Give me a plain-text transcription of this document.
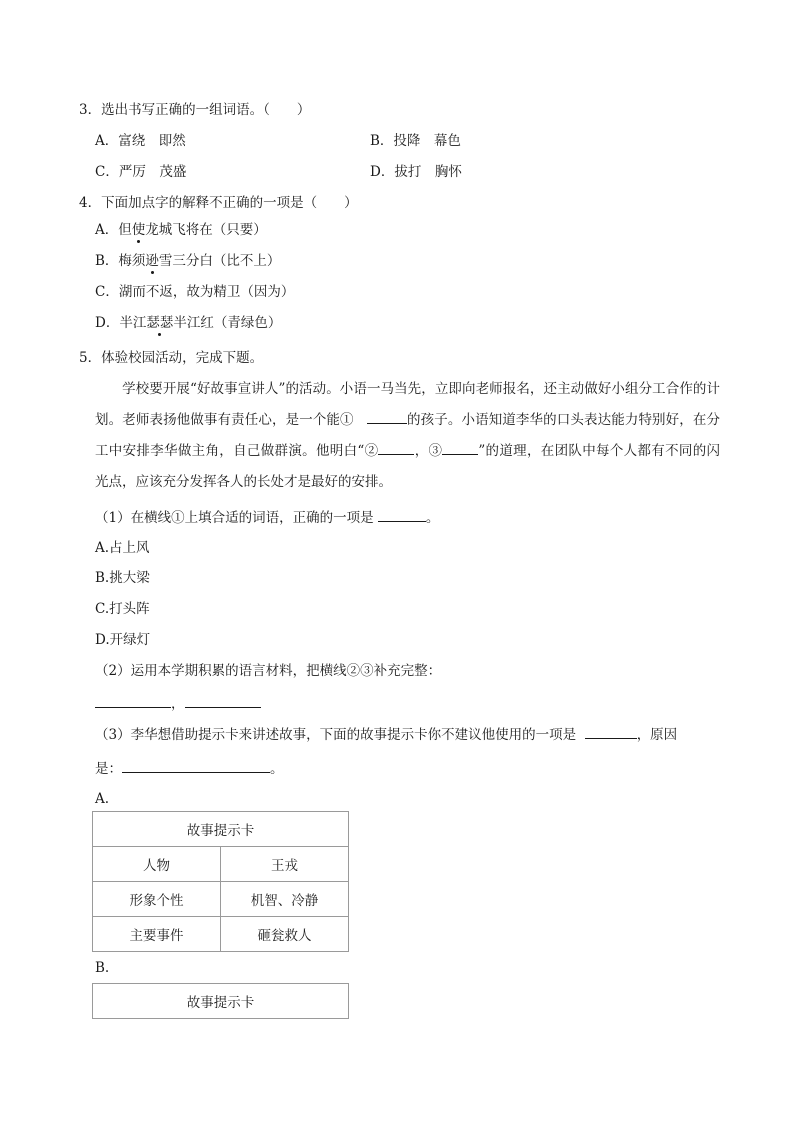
3．选出书写正确的一组词语。（　　）
A．富绕　即然	B．投降　幕色
C．严厉　茂盛	D．拔打　胸怀
4．下面加点字的解释不正确的一项是（　　）
A．但使龙城飞将在（只要）
B．梅须逊雪三分白（比不上）
C．湖而不返，故为精卫（因为）
D．半江瑟瑟半江红（青绿色）
5．体验校园活动，完成下题。
学校要开展“好故事宣讲人”的活动。小语一马当先，立即向老师报名，还主动做好小组分工合作的计划。老师表扬他做事有责任心，是一个能①	的孩子。小语知道李华的口头表达能力特别好，在分工中安排李华做主角，自己做群演。他明白“②	，③	”的道理，在团队中每个人都有不同的闪光点，应该充分发挥各人的长处才是最好的安排。
（1）在横线①上填合适的词语，正确的一项是	。
A.占上风
B.挑大梁
C.打头阵
D.开绿灯
（2）运用本学期积累的语言材料，把横线②③补充完整：
，
（3）李华想借助提示卡来讲述故事，下面的故事提示卡你不建议他使用的一项是	，原因
是：	。
A.
故事提示卡	
人物	王戎
形象个性	机智、冷静
主要事件	砸瓮救人
B.
故事提示卡
